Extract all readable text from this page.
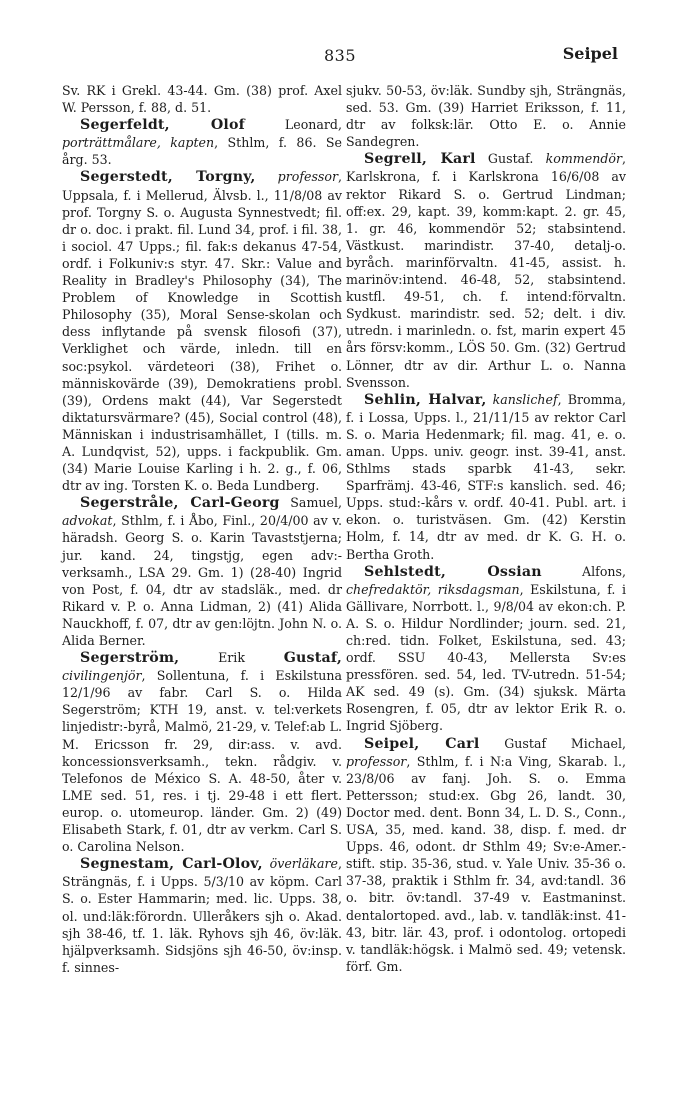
835	Seipel

Sv. RK i Grekl. 43-44. Gm. (38) prof. Axel W. Persson, f. 88, d. 51.

Segerfeldt, Olof Leonard, porträttmålare, kapten, Sthlm, f. 86. Se årg. 53.

Segerstedt, Torgny, professor, Uppsala, f. i Mellerud, Älvsb. l., 11/8/08 av prof. Torgny S. o. Augusta Synnestvedt; fil. dr o. doc. i prakt. fil. Lund 34, prof. i fil. 38, i sociol. 47 Upps.; fil. fak:s dekanus 47-54, ordf. i Folkuniv:s styr. 47. Skr.: Value and Reality in Bradley's Philosophy (34), The Problem of Knowledge in Scottish Philosophy (35), Moral Sense-skolan och dess inflytande på svensk filosofi (37), Verklighet och värde, inledn. till en soc:psykol. värdeteori (38), Frihet o. människovärde (39), Demokratiens probl. (39), Ordens makt (44), Var Segerstedt diktatursvärmare? (45), Social control (48), Människan i industrisamhället, I (tills. m. A. Lundqvist, 52), upps. i fackpublik. Gm. (34) Marie Louise Karling i h. 2. g., f. 06, dtr av ing. Torsten K. o. Beda Lundberg.

Segerstråle, Carl-Georg Samuel, advokat, Sthlm, f. i Åbo, Finl., 20/4/00 av v. häradsh. Georg S. o. Karin Tavaststjerna; jur. kand. 24, tingstjg, egen adv:-verksamh., LSA 29. Gm. 1) (28-40) Ingrid von Post, f. 04, dtr av stadsläk., med. dr Rikard v. P. o. Anna Lidman, 2) (41) Alida Nauckhoff, f. 07, dtr av gen:löjtn. John N. o. Alida Berner.

Segerström, Erik Gustaf, civilingenjör, Sollentuna, f. i Eskilstuna 12/1/96 av fabr. Carl S. o. Hilda Segerström; KTH 19, anst. v. tel:verkets linjedistr:-byrå, Malmö, 21-29, v. Telef:ab L. M. Ericsson fr. 29, dir:ass. v. avd. koncessionsverksamh., tekn. rådgiv. v. Telefonos de México S. A. 48-50, åter v. LME sed. 51, res. i tj. 29-48 i ett flert. europ. o. utomeurop. länder. Gm. 2) (49) Elisabeth Stark, f. 01, dtr av verkm. Carl S. o. Carolina Nelson.

Segnestam, Carl-Olov, överläkare, Strängnäs, f. i Upps. 5/3/10 av köpm. Carl S. o. Ester Hammarin; med. lic. Upps. 38, ol. und:läk:förordn. Ulleråkers sjh o. Akad. sjh 38-46, tf. 1. läk. Ryhovs sjh 46, öv:läk. hjälpverksamh. Sidsjöns sjh 46-50, öv:insp. f. sinnes-

sjukv. 50-53, öv:läk. Sundby sjh, Strängnäs, sed. 53. Gm. (39) Harriet Eriksson, f. 11, dtr av folksk:lär. Otto E. o. Annie Sandegren.

Segrell, Karl Gustaf. kommendör, Karlskrona, f. i Karlskrona 16/6/08 av rektor Rikard S. o. Gertrud Lindman; off:ex. 29, kapt. 39, komm:kapt. 2. gr. 45, 1. gr. 46, kommendör 52; stabsintend. Västkust. marindistr. 37-40, detalj-o. byråch. marinförvaltn. 41-45, assist. h. marinöv:intend. 46-48, 52, stabsintend. kustfl. 49-51, ch. f. intend:förvaltn. Sydkust. marindistr. sed. 52; delt. i div. utredn. i marinledn. o. fst, marin expert 45 års försv:komm., LÖS 50. Gm. (32) Gertrud Lönner, dtr av dir. Arthur L. o. Nanna Svensson.

Sehlin, Halvar, kanslichef, Bromma, f. i Lossa, Upps. l., 21/11/15 av rektor Carl S. o. Maria Hedenmark; fil. mag. 41, e. o. aman. Upps. univ. geogr. inst. 39-41, anst. Sthlms stads sparbk 41-43, sekr. Sparfrämj. 43-46, STF:s kanslich. sed. 46; Upps. stud:-kårs v. ordf. 40-41. Publ. art. i ekon. o. turistväsen. Gm. (42) Kerstin Holm, f. 14, dtr av med. dr K. G. H. o. Bertha Groth.

Sehlstedt, Ossian Alfons, chefredaktör, riksdagsman, Eskilstuna, f. i Gällivare, Norrbott. l., 9/8/04 av ekon:ch. P. A. S. o. Hildur Nordlinder; journ. sed. 21, ch:red. tidn. Folket, Eskilstuna, sed. 43; ordf. SSU 40-43, Mellersta Sv:es pressfören. sed. 54, led. TV-utredn. 51-54; AK sed. 49 (s). Gm. (34) sjuksk. Märta Rosengren, f. 05, dtr av lektor Erik R. o. Ingrid Sjöberg.

Seipel, Carl Gustaf Michael, professor, Sthlm, f. i N:a Ving, Skarab. l., 23/8/06 av fanj. Joh. S. o. Emma Pettersson; stud:ex. Gbg 26, landt. 30, Doctor med. dent. Bonn 34, L. D. S., Conn., USA, 35, med. kand. 38, disp. f. med. dr Upps. 46, odont. dr Sthlm 49; Sv:e-Amer.-stift. stip. 35-36, stud. v. Yale Univ. 35-36 o. 37-38, praktik i Sthlm fr. 34, avd:tandl. 36 o. bitr. öv:tandl. 37-49 v. Eastmaninst. dentalortoped. avd., lab. v. tandläk:inst. 41-43, bitr. lär. 43, prof. i odontolog. ortopedi v. tandläk:högsk. i Malmö sed. 49; vetensk. förf. Gm.
